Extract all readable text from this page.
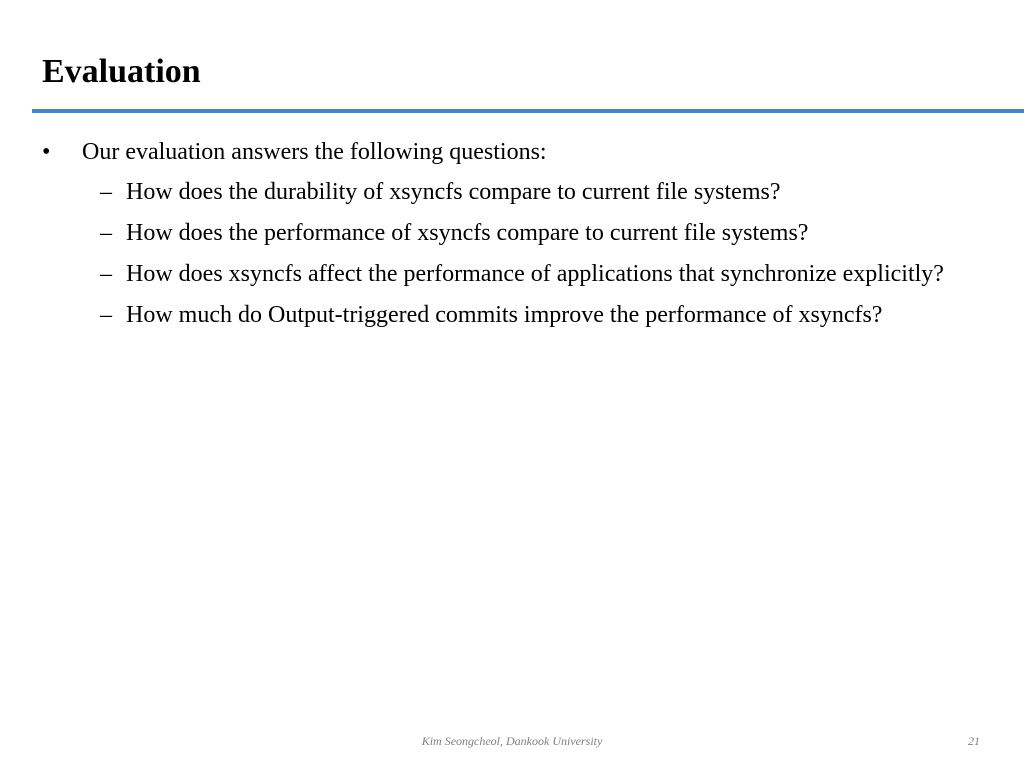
Evaluation

• Our evaluation answers the following questions:

– How does the durability of xsyncfs compare to current file systems?

– How does the performance of xsyncfs compare to current file systems?

– How does xsyncfs affect the performance of applications that synchronize explicitly?

– How much do Output-triggered commits improve the performance of xsyncfs?

Kim Seongcheol, Dankook University	21
